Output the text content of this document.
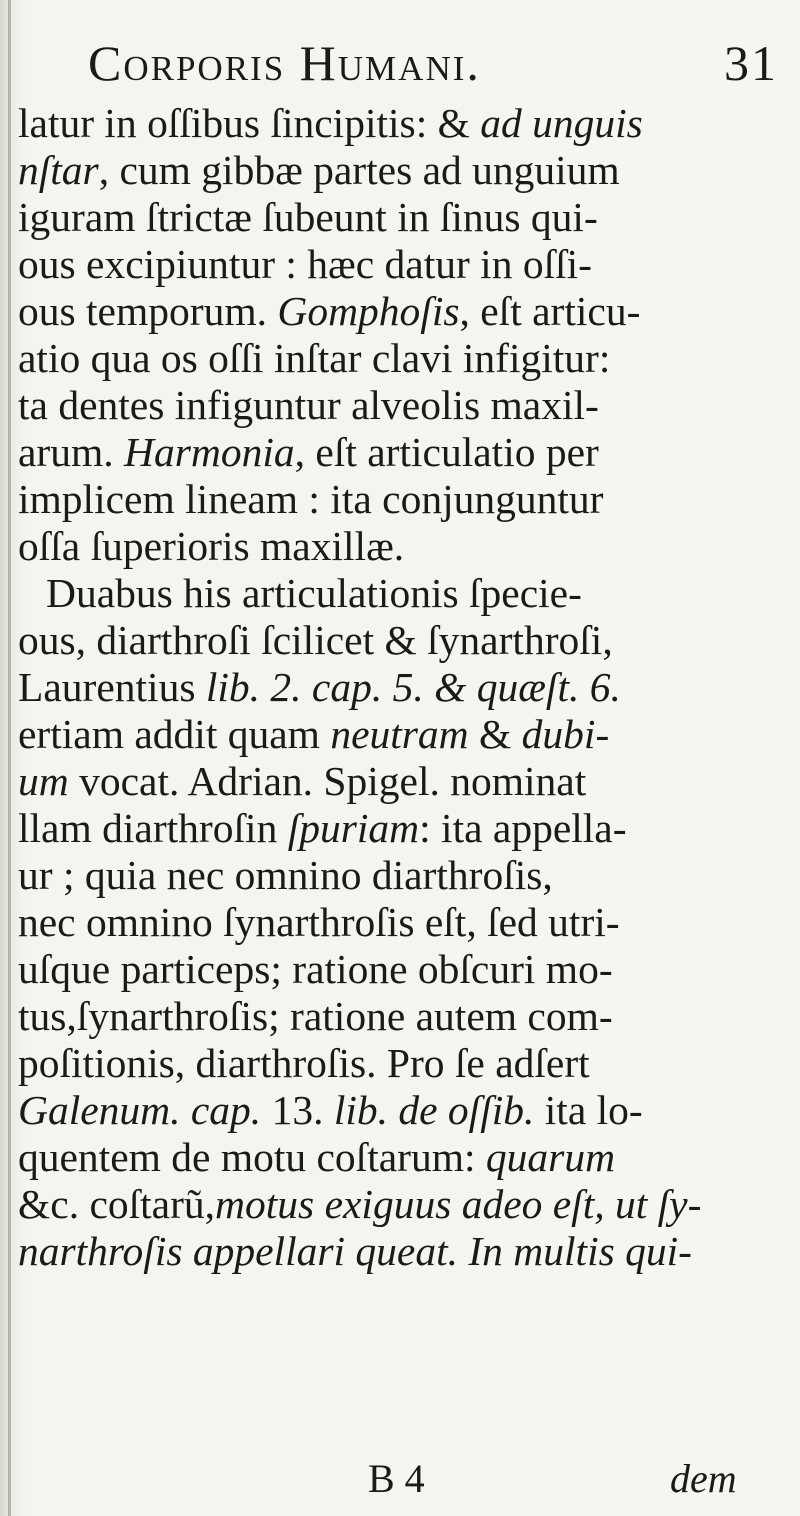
Corporis Humani.	31
latur in oſſibus ſincipitis: & ad unguis
nſtar, cum gibbæ partes ad unguium
iguram ſtrictæ ſubeunt in ſinus qui-
ous excipiuntur : hæc datur in oſſi-
ous temporum. Gomphoſis, eſt articu-
atio qua os oſſi inſtar clavi infigitur:
ta dentes infiguntur alveolis maxil-
arum. Harmonia, eſt articulatio per
implicem lineam : ita conjunguntur
oſſa ſuperioris maxillæ.
Duabus his articulationis ſpecie-
ous, diarthroſi ſcilicet & ſynarthroſi,
Laurentius lib. 2. cap. 5. & quæſt. 6.
ertiam addit quam neutram & dubi-
um vocat. Adrian. Spigel. nominat
llam diarthroſin ſpuriam: ita appella-
ur ; quia nec omnino diarthroſis,
nec omnino ſynarthroſis eſt, ſed utri-
uſque particeps; ratione obſcuri mo-
tus,ſynarthroſis; ratione autem com-
poſitionis, diarthroſis. Pro ſe adſert
Galenum. cap. 13. lib. de oſſib. ita lo-
quentem de motu coſtarum: quarum
&c. coſtarũ,motus exiguus adeo eſt, ut ſy-
narthroſis appellari queat. In multis qui-
B 4	dem
